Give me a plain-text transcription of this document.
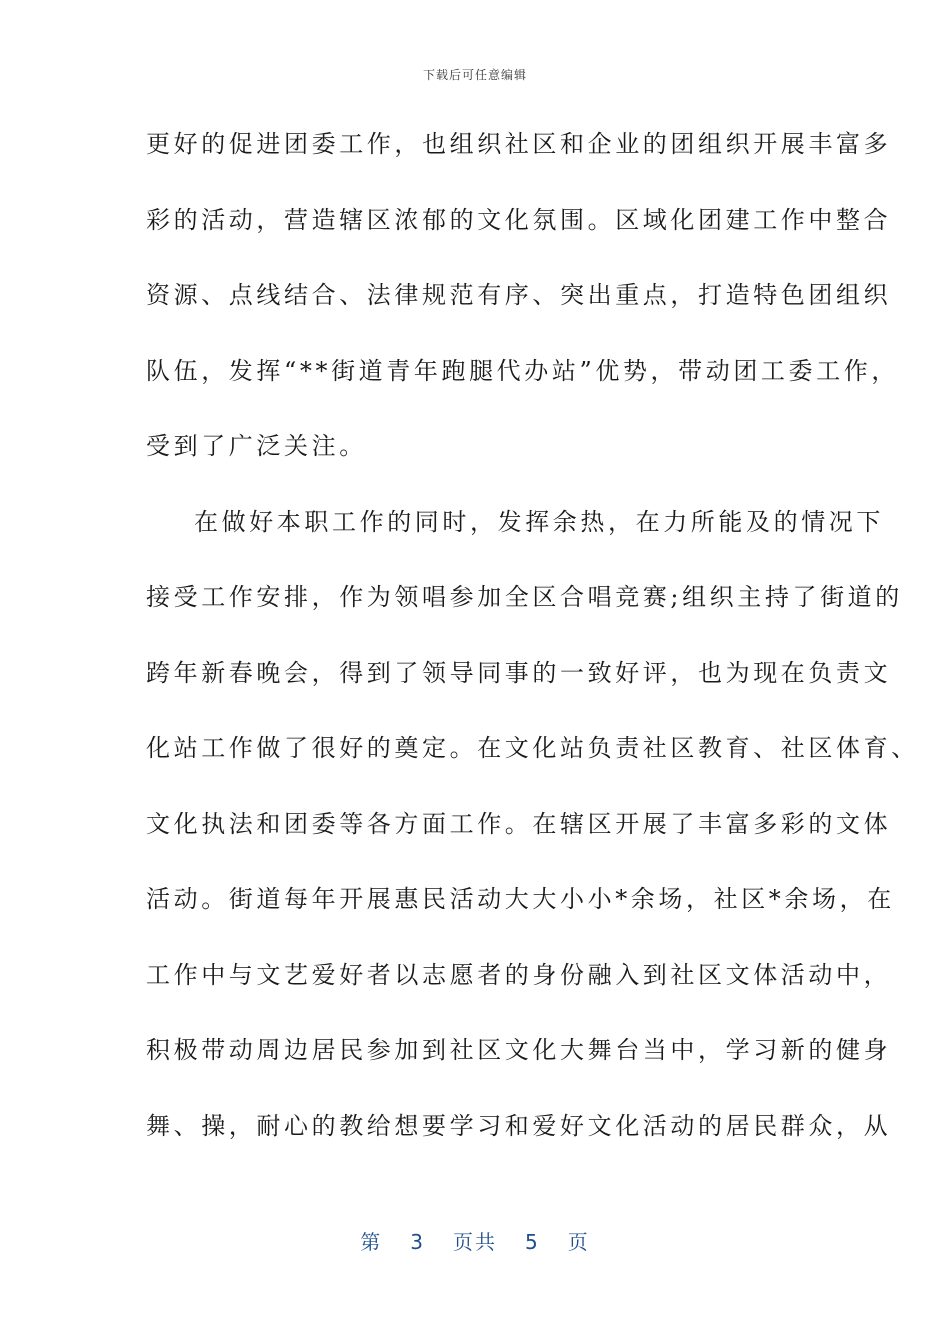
下载后可任意编辑
更好的促进团委工作，也组织社区和企业的团组织开展丰富多
彩的活动，营造辖区浓郁的文化氛围。区域化团建工作中整合
资源、点线结合、法律规范有序、突出重点，打造特色团组织
队伍，发挥“**街道青年跑腿代办站”优势，带动团工委工作，
受到了广泛关注。
在做好本职工作的同时，发挥余热，在力所能及的情况下
接受工作安排，作为领唱参加全区合唱竞赛;组织主持了街道的
跨年新春晚会，得到了领导同事的一致好评，也为现在负责文
化站工作做了很好的奠定。在文化站负责社区教育、社区体育、
文化执法和团委等各方面工作。在辖区开展了丰富多彩的文体
活动。街道每年开展惠民活动大大小小*余场，社区*余场，在
工作中与文艺爱好者以志愿者的身份融入到社区文体活动中，
积极带动周边居民参加到社区文化大舞台当中，学习新的健身
舞、操，耐心的教给想要学习和爱好文化活动的居民群众，从
第 3 页共 5 页
